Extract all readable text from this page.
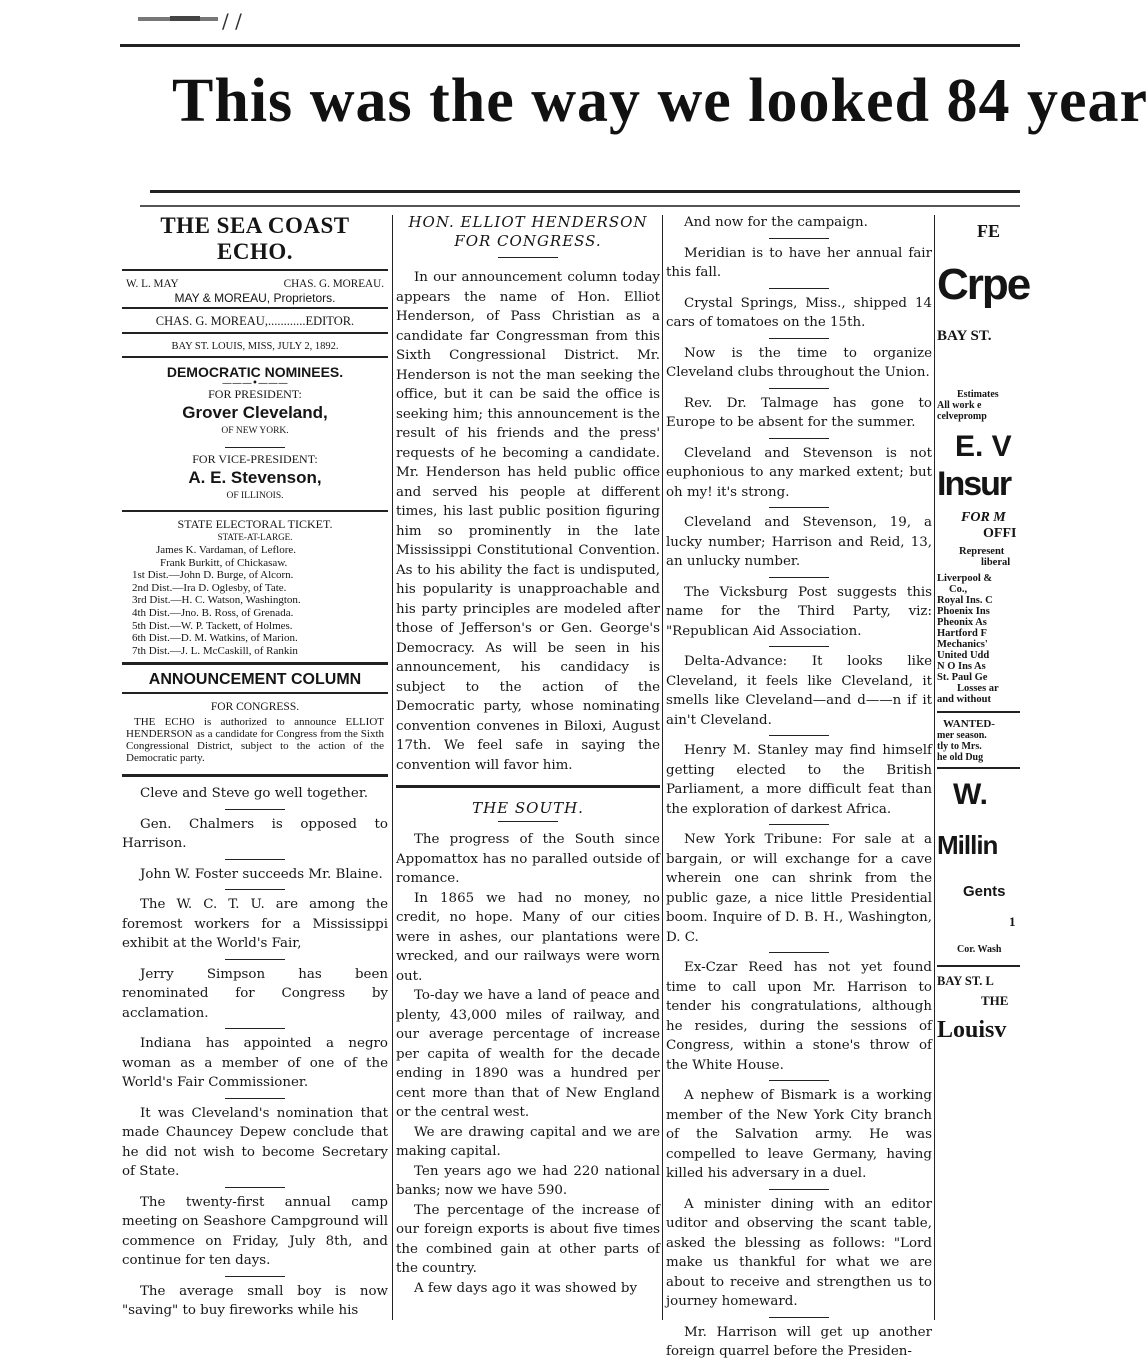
/ /
This was the way we looked 84 year
THE SEA COAST ECHO.
W. L. MAY	CHAS. G. MOREAU.
MAY & MOREAU, Proprietors.
CHAS. G. MOREAU,............EDITOR.
BAY ST. LOUIS, MISS, JULY 2, 1892.
DEMOCRATIC NOMINEES.
———•———
FOR PRESIDENT:
Grover Cleveland,
OF NEW YORK.
FOR VICE-PRESIDENT:
A. E. Stevenson,
OF ILLINOIS.
STATE ELECTORAL TICKET.
STATE-AT-LARGE.
James K. Vardaman, of Leflore.
Frank Burkitt, of Chickasaw.
1st Dist.—John D. Burge, of Alcorn.
2nd Dist.—Ira D. Oglesby, of Tate.
3rd Dist.—H. C. Watson, Washington.
4th Dist.—Jno. B. Ross, of Grenada.
5th Dist.—W. P. Tackett, of Holmes.
6th Dist.—D. M. Watkins, of Marion.
7th Dist.—J. L. McCaskill, of Rankin
ANNOUNCEMENT COLUMN
FOR CONGRESS.
THE ECHO is authorized to announce ELLIOT HENDERSON as a candidate for Congress from the Sixth Congressional District, subject to the action of the Democratic party.

Cleve and Steve go well together.

Gen. Chalmers is opposed to Harrison.

John W. Foster succeeds Mr. Blaine.

The W. C. T. U. are among the foremost workers for a Mississippi exhibit at the World's Fair,

Jerry Simpson has been renominated for Congress by acclamation.

Indiana has appointed a negro woman as a member of one of the World's Fair Commissioner.

It was Cleveland's nomination that made Chauncey Depew conclude that he did not wish to become Secretary of State.

The twenty-first annual camp meeting on Seashore Campground will commence on Friday, July 8th, and continue for ten days.

The average small boy is now "saving" to buy fireworks while his

HON. ELLIOT HENDERSON FOR CONGRESS.

In our announcement column today appears the name of Hon. Elliot Henderson, of Pass Christian as a candidate far Congressman from this Sixth Congressional District. Mr. Henderson is not the man seeking the office, but it can be said the office is seeking him; this announcement is the result of his friends and the press' requests of he becoming a candidate. Mr. Henderson has held public office and served his people at different times, his last public position figuring him so prominently in the late Mississippi Constitutional Convention. As to his ability the fact is undisputed, his popularity is unapproachable and his party principles are modeled after those of Jefferson's or Gen. George's Democracy. As will be seen in his announcement, his candidacy is subject to the action of the Democratic party, whose nominating convention convenes in Biloxi, August 17th. We feel safe in saying the convention will favor him.

THE SOUTH.

The progress of the South since Appomattox has no paralled outside of romance.

In 1865 we had no money, no credit, no hope. Many of our cities were in ashes, our plantations were wrecked, and our railways were worn out.

To-day we have a land of peace and plenty, 43,000 miles of railway, and our average percentage of increase per capita of wealth for the decade ending in 1890 was a hundred per cent more than that of New England or the central west.

We are drawing capital and we are making capital.

Ten years ago we had 220 national banks; now we have 590.

The percentage of the increase of our foreign exports is about five times the combined gain at other parts of the country.

A few days ago it was showed by

And now for the campaign.

Meridian is to have her annual fair this fall.

Crystal Springs, Miss., shipped 14 cars of tomatoes on the 15th.

Now is the time to organize Cleveland clubs throughout the Union.

Rev. Dr. Talmage has gone to Europe to be absent for the summer.

Cleveland and Stevenson is not euphonious to any marked extent; but oh my! it's strong.

Cleveland and Stevenson, 19, a lucky number; Harrison and Reid, 13, an unlucky number.

The Vicksburg Post suggests this name for the Third Party, viz: "Republican Aid Association.

Delta-Advance: It looks like Cleveland, it feels like Cleveland, it smells like Cleveland—and d——n if it ain't Cleveland.

Henry M. Stanley may find himself getting elected to the British Parliament, a more difficult feat than the exploration of darkest Africa.

New York Tribune: For sale at a bargain, or will exchange for a cave wherein one can shrink from the public gaze, a nice little Presidential boom. Inquire of D. B. H., Washington, D. C.

Ex-Czar Reed has not yet found time to call upon Mr. Harrison to tender his congratulations, although he resides, during the sessions of Congress, within a stone's throw of the White House.

A nephew of Bismark is a working member of the New York City branch of the Salvation army. He was compelled to leave Germany, having killed his adversary in a duel.

A minister dining with an editor uditor and observing the scant table, asked the blessing as follows: "Lord make us thankful for what we are about to receive and strengthen us to journey homeward.

Mr. Harrison will get up another foreign quarrel before the Presiden-

FE
Crpe
BAY ST.
Estimates
All work e
celvepromp
E. V
Insur
FOR M
OFFI
Represent
liberal
Liverpool &
Co.,
Royal Ins. C
Phoenix Ins
Pheonix As
Hartford F
Mechanics'
United Udd
N O Ins As
St. Paul Ge
Losses ar
and without
WANTED-
mer season.
tly to Mrs.
he old Dug
W.
Millin
Gents
1
Cor. Wash
BAY ST. L
THE
Louisv
